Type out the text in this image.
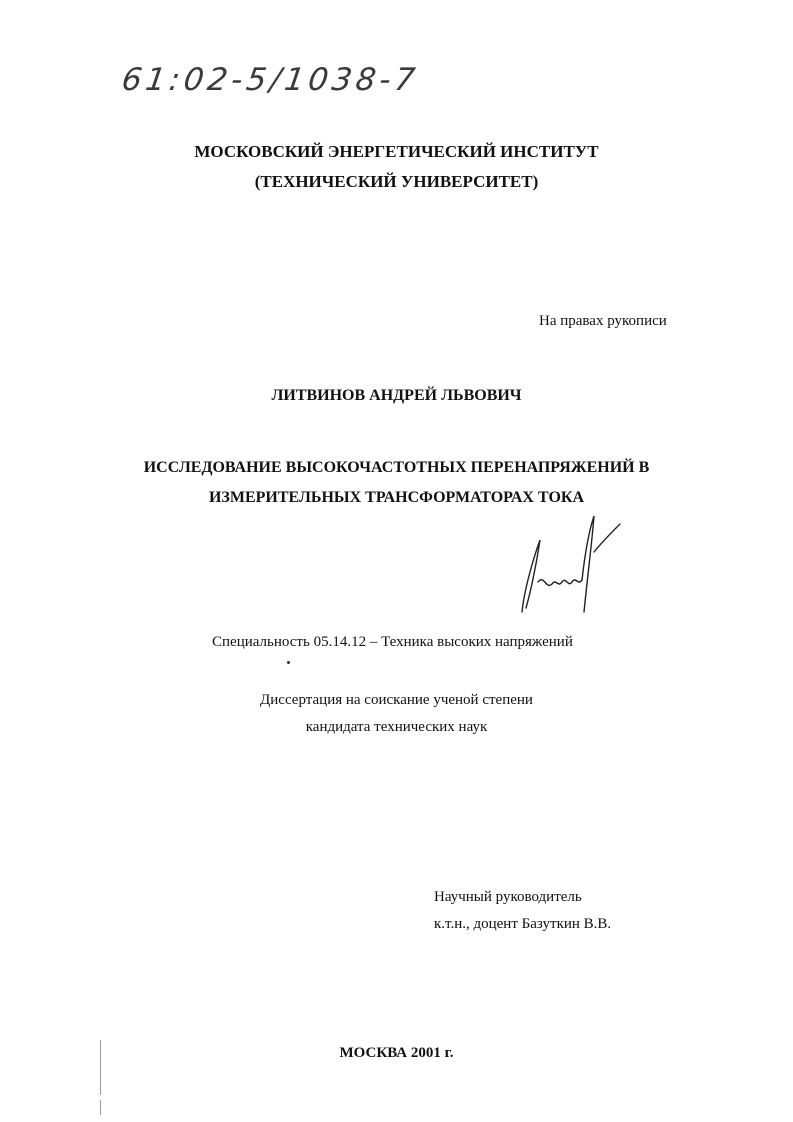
61:02-5/1038-7
МОСКОВСКИЙ ЭНЕРГЕТИЧЕСКИЙ ИНСТИТУТ
(ТЕХНИЧЕСКИЙ УНИВЕРСИТЕТ)
На правах рукописи
ЛИТВИНОВ АНДРЕЙ ЛЬВОВИЧ
ИССЛЕДОВАНИЕ ВЫСОКОЧАСТОТНЫХ ПЕРЕНАПРЯЖЕНИЙ В
ИЗМЕРИТЕЛЬНЫХ ТРАНСФОРМАТОРАХ ТОКА
Специальность 05.14.12 – Техника высоких напряжений
Диссертация на соискание ученой степени
кандидата технических наук
Научный руководитель
к.т.н., доцент Базуткин В.В.
МОСКВА 2001 г.
